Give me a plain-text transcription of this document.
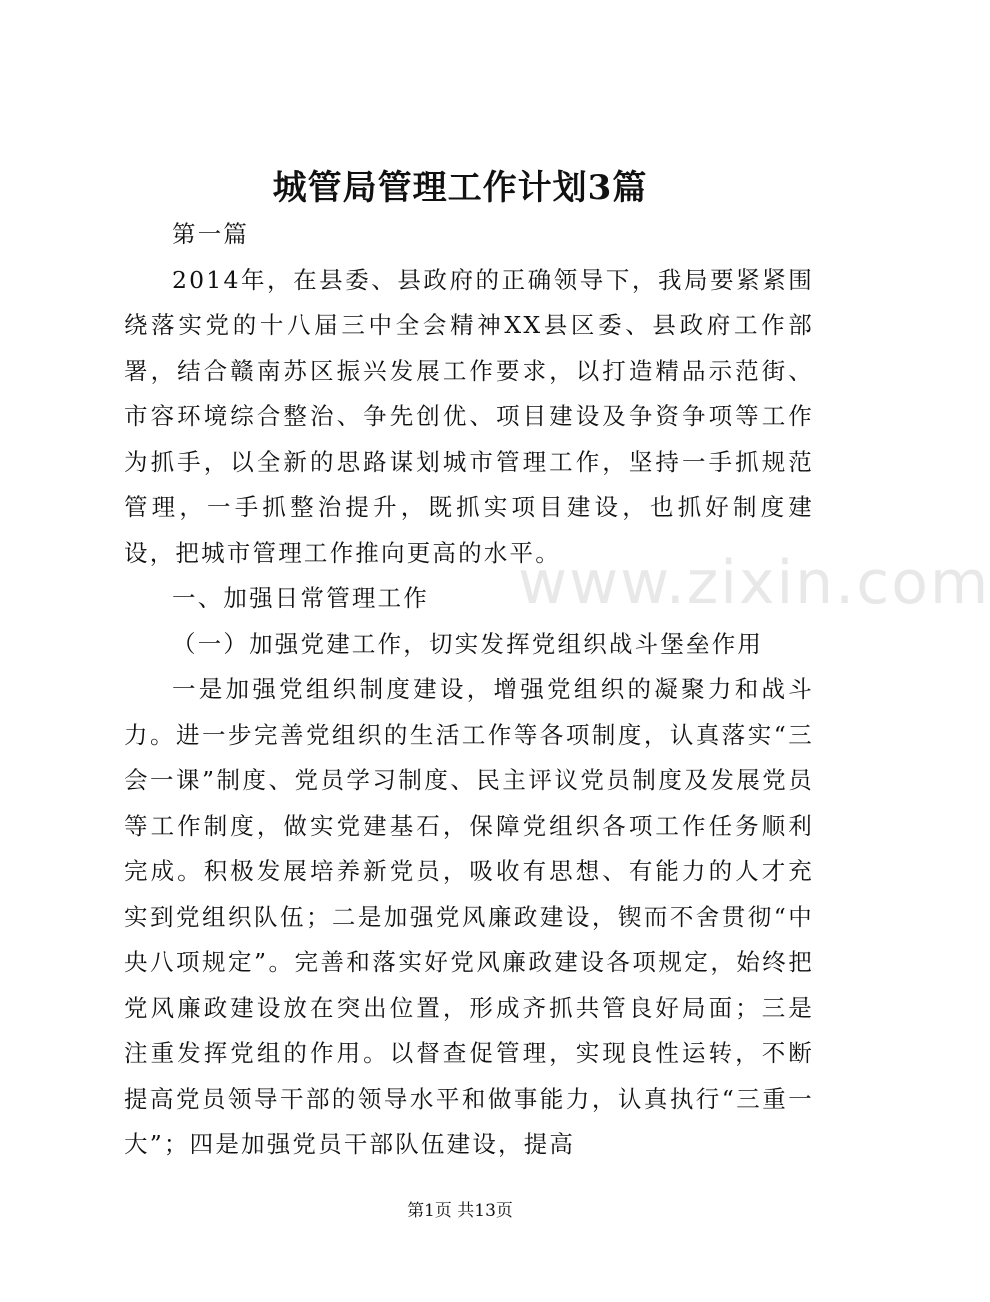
城管局管理工作计划3篇

第一篇

2014年，在县委、县政府的正确领导下，我局要紧紧围绕落实党的十八届三中全会精神XX县区委、县政府工作部署，结合赣南苏区振兴发展工作要求，以打造精品示范街、市容环境综合整治、争先创优、项目建设及争资争项等工作为抓手，以全新的思路谋划城市管理工作，坚持一手抓规范管理，一手抓整治提升，既抓实项目建设，也抓好制度建设，把城市管理工作推向更高的水平。

一、加强日常管理工作

（一）加强党建工作，切实发挥党组织战斗堡垒作用

一是加强党组织制度建设，增强党组织的凝聚力和战斗力。进一步完善党组织的生活工作等各项制度，认真落实“三会一课”制度、党员学习制度、民主评议党员制度及发展党员等工作制度，做实党建基石，保障党组织各项工作任务顺利完成。积极发展培养新党员，吸收有思想、有能力的人才充实到党组织队伍；二是加强党风廉政建设，锲而不舍贯彻“中央八项规定”。完善和落实好党风廉政建设各项规定，始终把党风廉政建设放在突出位置，形成齐抓共管良好局面；三是注重发挥党组的作用。以督查促管理，实现良性运转，不断提高党员领导干部的领导水平和做事能力，认真执行“三重一大”；四是加强党员干部队伍建设，提高

www.zixin.com
第1页 共13页
